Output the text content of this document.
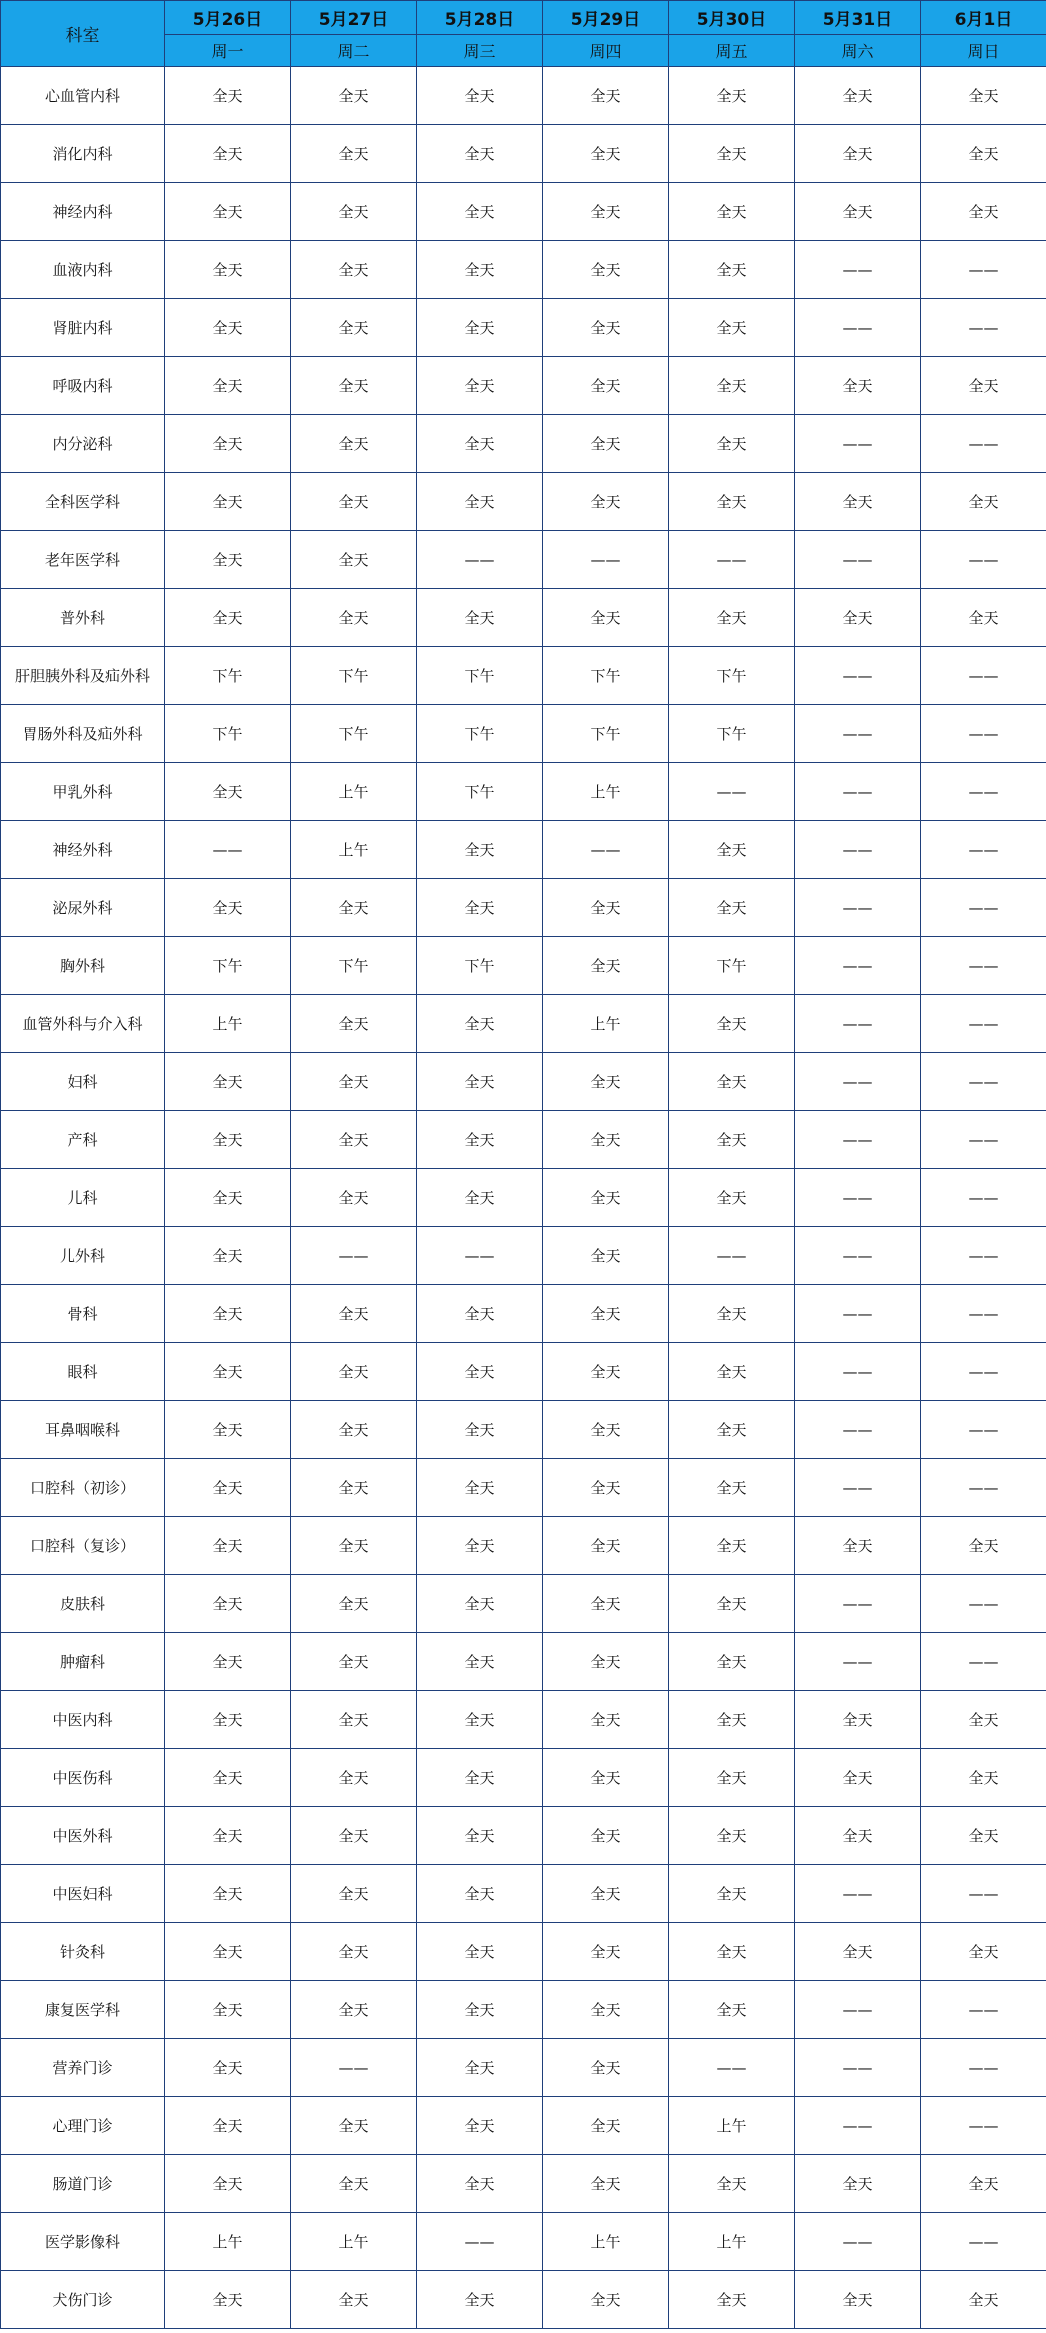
科室	5月26日	5月27日	5月28日	5月29日	5月30日	5月31日	6月1日
	周一	周二	周三	周四	周五	周六	周日
心血管内科	全天	全天	全天	全天	全天	全天	全天
消化内科	全天	全天	全天	全天	全天	全天	全天
神经内科	全天	全天	全天	全天	全天	全天	全天
血液内科	全天	全天	全天	全天	全天	——	——
肾脏内科	全天	全天	全天	全天	全天	——	——
呼吸内科	全天	全天	全天	全天	全天	全天	全天
内分泌科	全天	全天	全天	全天	全天	——	——
全科医学科	全天	全天	全天	全天	全天	全天	全天
老年医学科	全天	全天	——	——	——	——	——
普外科	全天	全天	全天	全天	全天	全天	全天
肝胆胰外科及疝外科	下午	下午	下午	下午	下午	——	——
胃肠外科及疝外科	下午	下午	下午	下午	下午	——	——
甲乳外科	全天	上午	下午	上午	——	——	——
神经外科	——	上午	全天	——	全天	——	——
泌尿外科	全天	全天	全天	全天	全天	——	——
胸外科	下午	下午	下午	全天	下午	——	——
血管外科与介入科	上午	全天	全天	上午	全天	——	——
妇科	全天	全天	全天	全天	全天	——	——
产科	全天	全天	全天	全天	全天	——	——
儿科	全天	全天	全天	全天	全天	——	——
儿外科	全天	——	——	全天	——	——	——
骨科	全天	全天	全天	全天	全天	——	——
眼科	全天	全天	全天	全天	全天	——	——
耳鼻咽喉科	全天	全天	全天	全天	全天	——	——
口腔科（初诊）	全天	全天	全天	全天	全天	——	——
口腔科（复诊）	全天	全天	全天	全天	全天	全天	全天
皮肤科	全天	全天	全天	全天	全天	——	——
肿瘤科	全天	全天	全天	全天	全天	——	——
中医内科	全天	全天	全天	全天	全天	全天	全天
中医伤科	全天	全天	全天	全天	全天	全天	全天
中医外科	全天	全天	全天	全天	全天	全天	全天
中医妇科	全天	全天	全天	全天	全天	——	——
针灸科	全天	全天	全天	全天	全天	全天	全天
康复医学科	全天	全天	全天	全天	全天	——	——
营养门诊	全天	——	全天	全天	——	——	——
心理门诊	全天	全天	全天	全天	上午	——	——
肠道门诊	全天	全天	全天	全天	全天	全天	全天
医学影像科	上午	上午	——	上午	上午	——	——
犬伤门诊	全天	全天	全天	全天	全天	全天	全天
